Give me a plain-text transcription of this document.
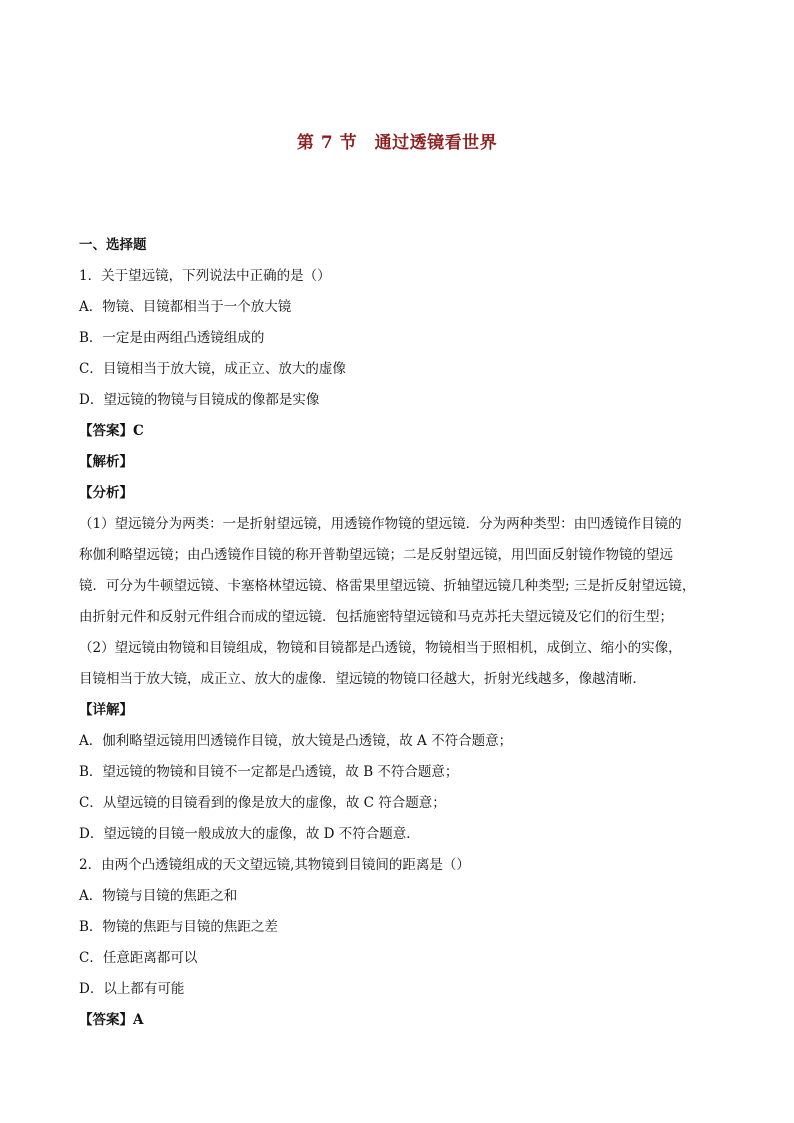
第 7 节　通过透镜看世界
一、选择题
1．关于望远镜，下列说法中正确的是（）
A．物镜、目镜都相当于一个放大镜
B．一定是由两组凸透镜组成的
C．目镜相当于放大镜，成正立、放大的虚像
D．望远镜的物镜与目镜成的像都是实像
【答案】C
【解析】
【分析】
（1）望远镜分为两类：一是折射望远镜，用透镜作物镜的望远镜．分为两种类型：由凹透镜作目镜的
称伽利略望远镜；由凸透镜作目镜的称开普勒望远镜；二是反射望远镜，用凹面反射镜作物镜的望远
镜．可分为牛顿望远镜、卡塞格林望远镜、格雷果里望远镜、折轴望远镜几种类型; 三是折反射望远镜，
由折射元件和反射元件组合而成的望远镜．包括施密特望远镜和马克苏托夫望远镜及它们的衍生型；
（2）望远镜由物镜和目镜组成，物镜和目镜都是凸透镜，物镜相当于照相机，成倒立、缩小的实像，
目镜相当于放大镜，成正立、放大的虚像．望远镜的物镜口径越大，折射光线越多，像越清晰．
【详解】
A．伽利略望远镜用凹透镜作目镜，放大镜是凸透镜，故 A 不符合题意；
B．望远镜的物镜和目镜不一定都是凸透镜，故 B 不符合题意；
C．从望远镜的目镜看到的像是放大的虚像，故 C 符合题意；
D．望远镜的目镜一般成放大的虚像，故 D 不符合题意．
2．由两个凸透镜组成的天文望远镜,其物镜到目镜间的距离是（）
A．物镜与目镜的焦距之和
B．物镜的焦距与目镜的焦距之差
C．任意距离都可以
D．以上都有可能
【答案】A
